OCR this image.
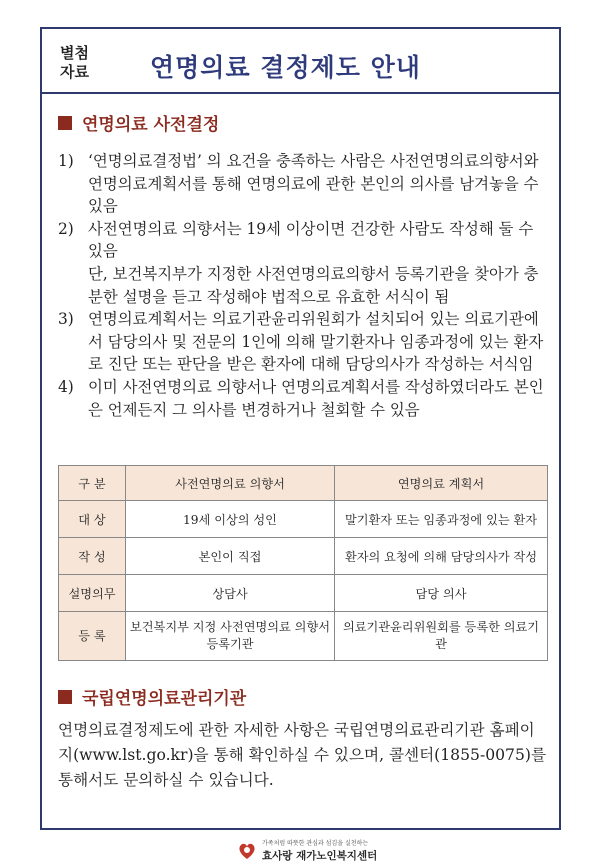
별첨
자료 연명의료 결정제도 안내
연명의료 사전결정
1) ‘연명의료결정법’ 의 요건을 충족하는 사람은 사전연명의료의향서와 연명의료계획서를 통해 연명의료에 관한 본인의 의사를 남겨놓을 수 있음
2) 사전연명의료 의향서는 19세 이상이면 건강한 사람도 작성해 둘 수 있음
단, 보건복지부가 지정한 사전연명의료의향서 등록기관을 찾아가 충분한 설명을 듣고 작성해야 법적으로 유효한 서식이 됨
3) 연명의료계획서는 의료기관윤리위원회가 설치되어 있는 의료기관에서 담당의사 및 전문의 1인에 의해 말기환자나 임종과정에 있는 환자로 진단 또는 판단을 받은 환자에 대해 담당의사가 작성하는 서식임
4) 이미 사전연명의료 의향서나 연명의료계획서를 작성하였더라도 본인은 언제든지 그 의사를 변경하거나 철회할 수 있음
구 분	사전연명의료 의향서	연명의료 계획서
대 상	19세 이상의 성인	말기환자 또는 임종과정에 있는 환자
작 성	본인이 직접	환자의 요청에 의해 담당의사가 작성
설명의무	상담사	담당 의사
등 록	보건복지부 지정 사전연명의료 의향서 등록기관	의료기관윤리위원회를 등록한 의료기관
국립연명의료관리기관
연명의료결정제도에 관한 자세한 사항은 국립연명의료관리기관 홈페이지(www.lst.go.kr)을 통해 확인하실 수 있으며, 콜센터(1855-0075)를 통해서도 문의하실 수 있습니다.
가족처럼 따뜻한 관심과 섬김을 실천하는
효사랑 재가노인복지센터
